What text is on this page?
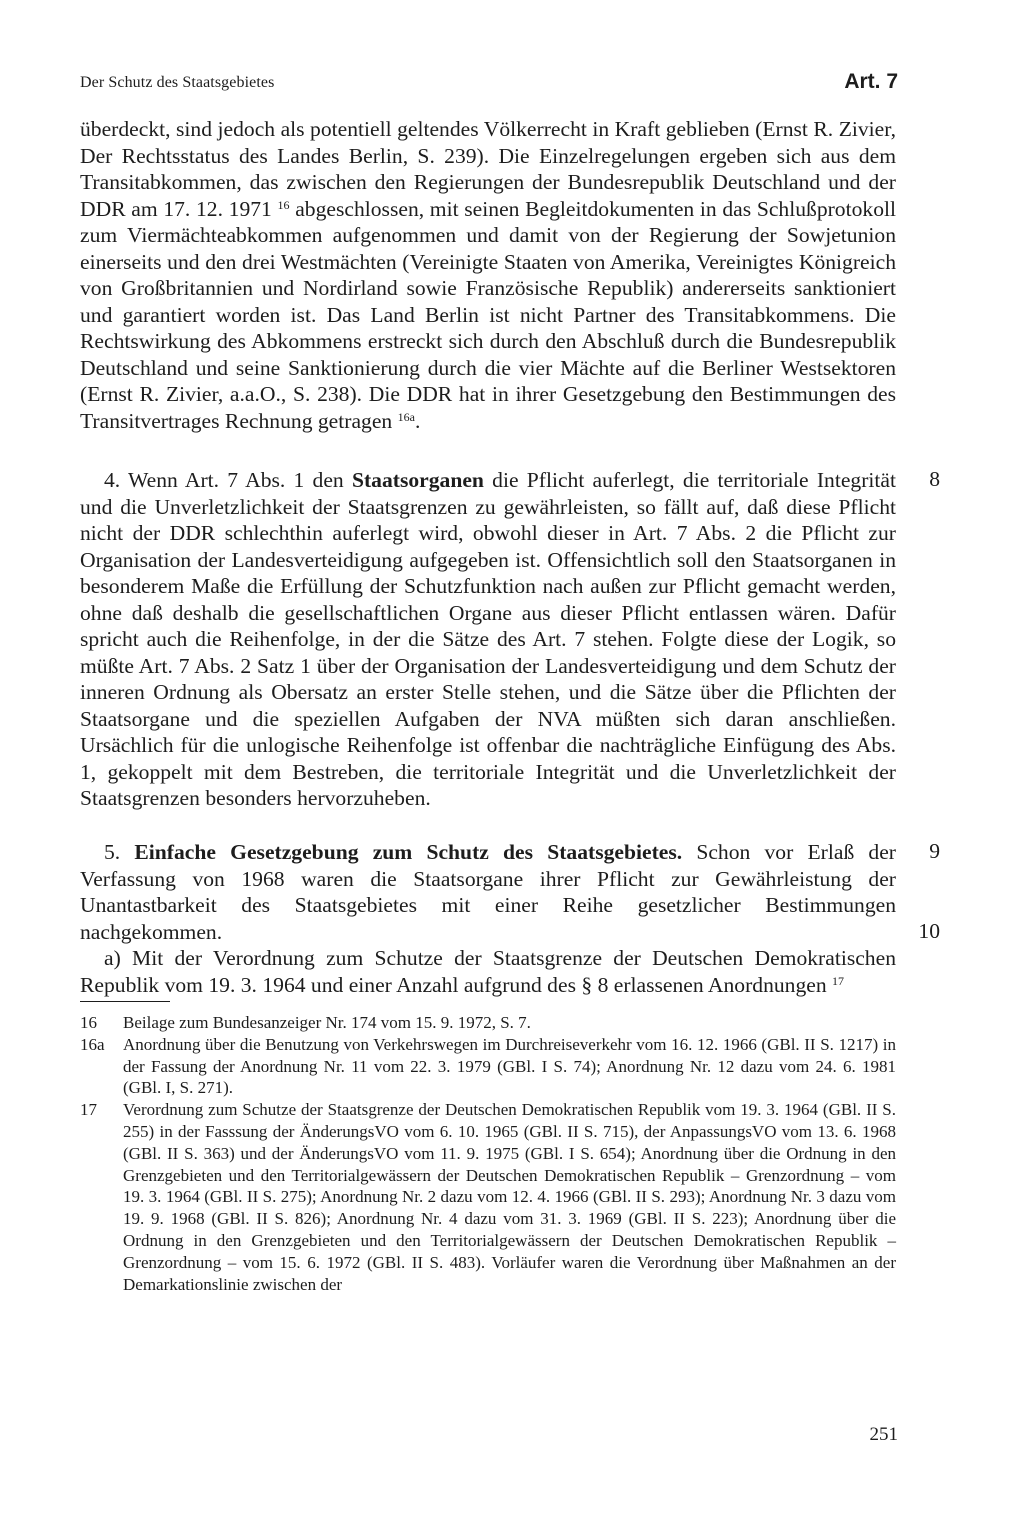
Der Schutz des Staatsgebietes	Art. 7

überdeckt, sind jedoch als potentiell geltendes Völkerrecht in Kraft geblieben (Ernst R. Zivier, Der Rechtsstatus des Landes Berlin, S. 239). Die Einzelregelungen ergeben sich aus dem Transitabkommen, das zwischen den Regierungen der Bundesrepublik Deutschland und der DDR am 17. 12. 1971 $^{16}$ abgeschlossen, mit seinen Begleitdokumenten in das Schlußprotokoll zum Viermächteabkommen aufgenommen und damit von der Regierung der Sowjetunion einerseits und den drei Westmächten (Vereinigte Staaten von Amerika, Vereinigtes Königreich von Großbritannien und Nordirland sowie Französische Republik) andererseits sanktioniert und garantiert worden ist. Das Land Berlin ist nicht Partner des Transitabkommens. Die Rechtswirkung des Abkommens erstreckt sich durch den Abschluß durch die Bundesrepublik Deutschland und seine Sanktionierung durch die vier Mächte auf die Berliner Westsektoren (Ernst R. Zivier, a.a.O., S. 238). Die DDR hat in ihrer Gesetzgebung den Bestimmungen des Transitvertrages Rechnung getragen $^{16a}$.

8

4. Wenn Art. 7 Abs. 1 den Staatsorganen die Pflicht auferlegt, die territoriale Integrität und die Unverletzlichkeit der Staatsgrenzen zu gewährleisten, so fällt auf, daß diese Pflicht nicht der DDR schlechthin auferlegt wird, obwohl dieser in Art. 7 Abs. 2 die Pflicht zur Organisation der Landesverteidigung aufgegeben ist. Offensichtlich soll den Staatsorganen in besonderem Maße die Erfüllung der Schutzfunktion nach außen zur Pflicht gemacht werden, ohne daß deshalb die gesellschaftlichen Organe aus dieser Pflicht entlassen wären. Dafür spricht auch die Reihenfolge, in der die Sätze des Art. 7 stehen. Folgte diese der Logik, so müßte Art. 7 Abs. 2 Satz 1 über der Organisation der Landesverteidigung und dem Schutz der inneren Ordnung als Obersatz an erster Stelle stehen, und die Sätze über die Pflichten der Staatsorgane und die speziellen Aufgaben der NVA müßten sich daran anschließen. Ursächlich für die unlogische Reihenfolge ist offenbar die nachträgliche Einfügung des Abs. 1, gekoppelt mit dem Bestreben, die territoriale Integrität und die Unverletzlichkeit der Staatsgrenzen besonders hervorzuheben.

9
10

5. Einfache Gesetzgebung zum Schutz des Staatsgebietes. Schon vor Erlaß der Verfassung von 1968 waren die Staatsorgane ihrer Pflicht zur Gewährleistung der Unantastbarkeit des Staatsgebietes mit einer Reihe gesetzlicher Bestimmungen nachgekommen.

a) Mit der Verordnung zum Schutze der Staatsgrenze der Deutschen Demokratischen Republik vom 19. 3. 1964 und einer Anzahl aufgrund des § 8 erlassenen Anordnungen $^{17}$

16 Beilage zum Bundesanzeiger Nr. 174 vom 15. 9. 1972, S. 7.

16a Anordnung über die Benutzung von Verkehrswegen im Durchreiseverkehr vom 16. 12. 1966 (GBl. II S. 1217) in der Fassung der Anordnung Nr. 11 vom 22. 3. 1979 (GBl. I S. 74); Anordnung Nr. 12 dazu vom 24. 6. 1981 (GBl. I, S. 271).

17 Verordnung zum Schutze der Staatsgrenze der Deutschen Demokratischen Republik vom 19. 3. 1964 (GBl. II S. 255) in der Fasssung der ÄnderungsVO vom 6. 10. 1965 (GBl. II S. 715), der AnpassungsVO vom 13. 6. 1968 (GBl. II S. 363) und der ÄnderungsVO vom 11. 9. 1975 (GBl. I S. 654); Anordnung über die Ordnung in den Grenzgebieten und den Territorialgewässern der Deutschen Demokratischen Republik – Grenzordnung – vom 19. 3. 1964 (GBl. II S. 275); Anordnung Nr. 2 dazu vom 12. 4. 1966 (GBl. II S. 293); Anordnung Nr. 3 dazu vom 19. 9. 1968 (GBl. II S. 826); Anordnung Nr. 4 dazu vom 31. 3. 1969 (GBl. II S. 223); Anordnung über die Ordnung in den Grenzgebieten und den Territorialgewässern der Deutschen Demokratischen Republik – Grenzordnung – vom 15. 6. 1972 (GBl. II S. 483). Vorläufer waren die Verordnung über Maßnahmen an der Demarkationslinie zwischen der

251
